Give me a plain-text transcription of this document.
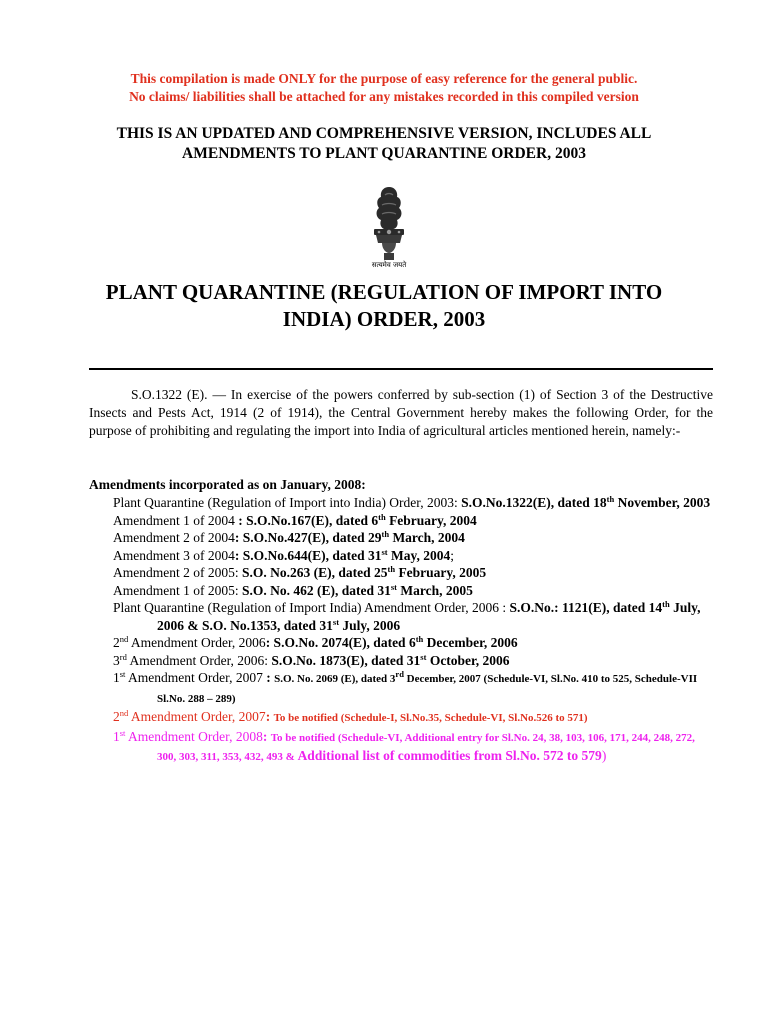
This compilation is made ONLY for the purpose of easy reference for the general public.
No claims/ liabilities shall be attached for any mistakes recorded in this compiled version
THIS IS AN UPDATED AND COMPREHENSIVE VERSION, INCLUDES ALL
AMENDMENTS TO PLANT QUARANTINE ORDER, 2003
सत्यमेव जयते
PLANT QUARANTINE (REGULATION OF IMPORT INTO
INDIA) ORDER, 2003
S.O.1322 (E). — In exercise of the powers conferred by sub-section (1) of Section 3 of the Destructive Insects and Pests Act, 1914 (2 of 1914), the Central Government hereby makes the following Order, for the purpose of prohibiting and regulating the import into India of agricultural articles mentioned herein, namely:-
Amendments incorporated as on January, 2008:
Plant Quarantine (Regulation of Import into India) Order, 2003: S.O.No.1322(E), dated 18th November, 2003
Amendment 1 of 2004 : S.O.No.167(E), dated 6th February, 2004
Amendment 2 of 2004: S.O.No.427(E), dated 29th March, 2004
Amendment 3 of 2004: S.O.No.644(E), dated 31st May, 2004;
Amendment 2 of 2005: S.O. No.263 (E), dated 25th February, 2005
Amendment 1 of 2005: S.O. No. 462 (E), dated 31st March, 2005
Plant Quarantine (Regulation of Import India) Amendment Order, 2006 : S.O.No.: 1121(E), dated 14th July, 2006 & S.O. No.1353, dated 31st July, 2006
2nd Amendment Order, 2006: S.O.No. 2074(E), dated 6th December, 2006
3rd Amendment Order, 2006: S.O.No. 1873(E), dated 31st October, 2006
1st Amendment Order, 2007 : S.O. No. 2069 (E), dated 3rd December, 2007 (Schedule-VI, Sl.No. 410 to 525, Schedule-VII Sl.No. 288 – 289)
2nd Amendment Order, 2007: To be notified (Schedule-I, Sl.No.35, Schedule-VI, Sl.No.526 to 571)
1st Amendment Order, 2008: To be notified (Schedule-VI, Additional entry for Sl.No. 24, 38, 103, 106, 171, 244, 248, 272, 300, 303, 311, 353, 432, 493 & Additional list of commodities from Sl.No. 572 to 579)
